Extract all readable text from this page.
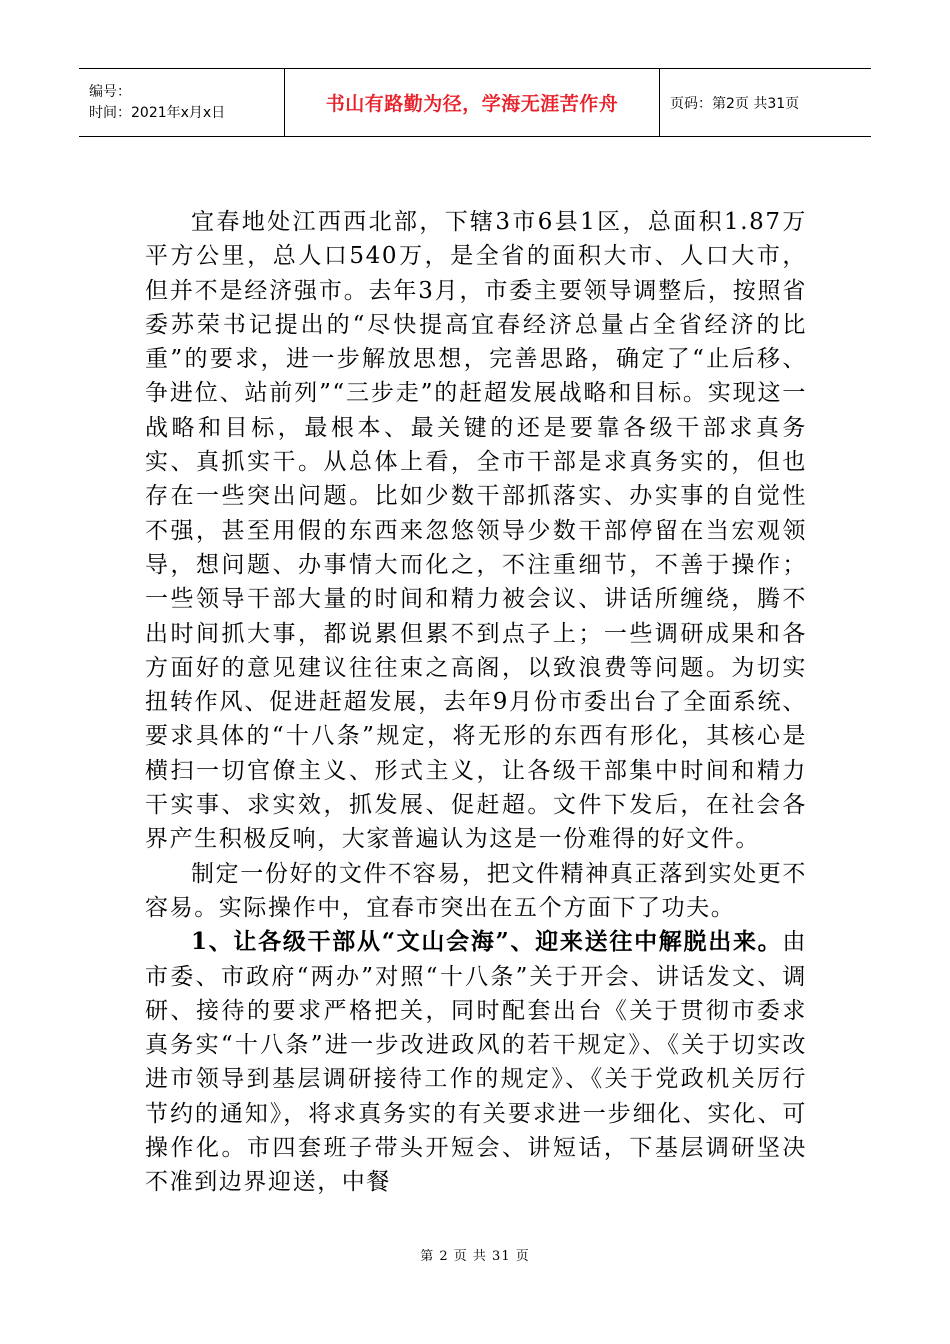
编号：
时间：2021年x月x日	书山有路勤为径，学海无涯苦作舟	页码：第2页 共31页

宜春地处江西西北部，下辖3市6县1区，总面积1.87万平方公里，总人口540万，是全省的面积大市、人口大市，但并不是经济强市。去年3月，市委主要领导调整后，按照省委苏荣书记提出的“尽快提高宜春经济总量占全省经济的比重”的要求，进一步解放思想，完善思路，确定了“止后移、争进位、站前列”“三步走”的赶超发展战略和目标。实现这一战略和目标，最根本、最关键的还是要靠各级干部求真务实、真抓实干。从总体上看，全市干部是求真务实的，但也存在一些突出问题。比如少数干部抓落实、办实事的自觉性不强，甚至用假的东西来忽悠领导少数干部停留在当宏观领导，想问题、办事情大而化之，不注重细节，不善于操作；一些领导干部大量的时间和精力被会议、讲话所缠绕，腾不出时间抓大事，都说累但累不到点子上；一些调研成果和各方面好的意见建议往往束之高阁，以致浪费等问题。为切实扭转作风、促进赶超发展，去年9月份市委出台了全面系统、要求具体的“十八条”规定，将无形的东西有形化，其核心是横扫一切官僚主义、形式主义，让各级干部集中时间和精力干实事、求实效，抓发展、促赶超。文件下发后，在社会各界产生积极反响，大家普遍认为这是一份难得的好文件。

制定一份好的文件不容易，把文件精神真正落到实处更不容易。实际操作中，宜春市突出在五个方面下了功夫。

1、让各级干部从“文山会海”、迎来送往中解脱出来。由市委、市政府“两办”对照“十八条”关于开会、讲话发文、调研、接待的要求严格把关，同时配套出台《关于贯彻市委求真务实“十八条”进一步改进政风的若干规定》、《关于切实改进市领导到基层调研接待工作的规定》、《关于党政机关厉行节约的通知》，将求真务实的有关要求进一步细化、实化、可操作化。市四套班子带头开短会、讲短话，下基层调研坚决不准到边界迎送，中餐

第 2 页 共 31 页
